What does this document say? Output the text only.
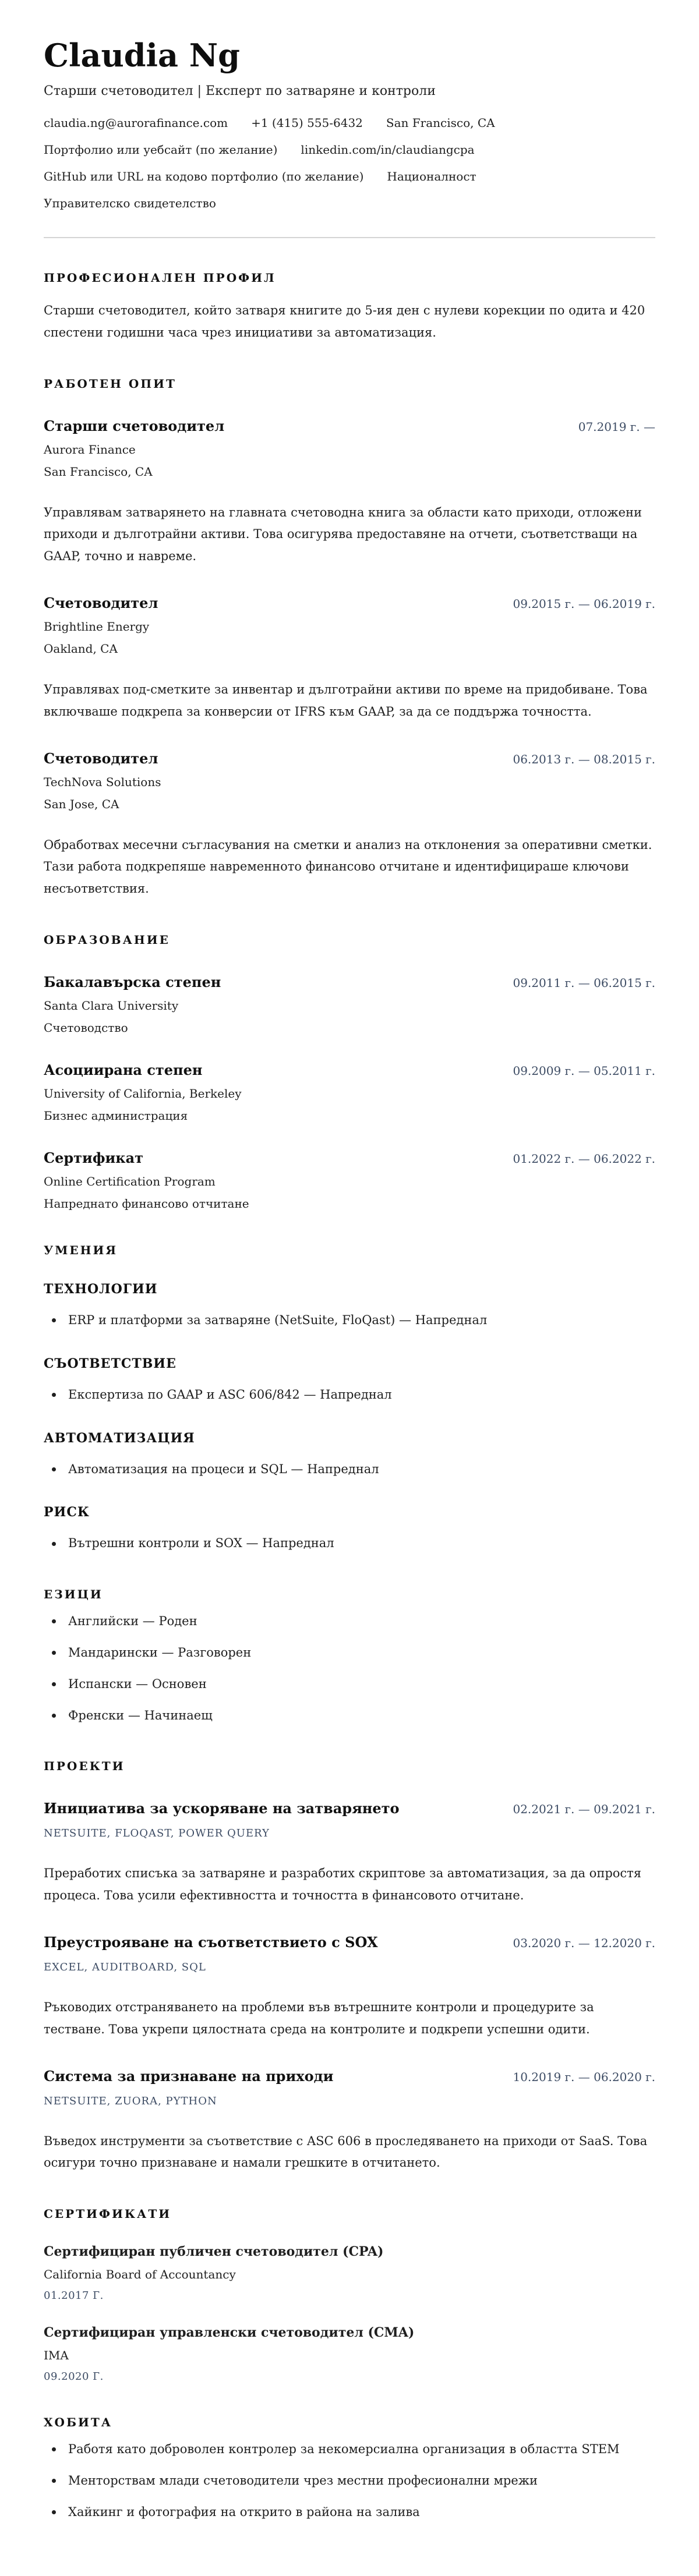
Claudia Ng
Старши счетоводител | Експерт по затваряне и контроли
claudia.ng@aurorafinance.com +1 (415) 555-6432 San Francisco, CA
Портфолио или уебсайт (по желание) linkedin.com/in/claudiangcpa
GitHub или URL на кодово портфолио (по желание) Националност
Управителско свидетелство
ПРОФЕСИОНАЛЕН ПРОФИЛ

Старши счетоводител, който затваря книгите до 5-ия ден с нулеви корекции по одита и 420 спестени годишни часа чрез инициативи за автоматизация.

РАБОТЕН ОПИТ
Старши счетоводител	07.2019 г. —
Aurora Finance
San Francisco, CA

Управлявам затварянето на главната счетоводна книга за области като приходи, отложени приходи и дълготрайни активи. Това осигурява предоставяне на отчети, съответстващи на GAAP, точно и навреме.

Счетоводител	09.2015 г. — 06.2019 г.
Brightline Energy
Oakland, CA

Управлявах под-сметките за инвентар и дълготрайни активи по време на придобиване. Това включваше подкрепа за конверсии от IFRS към GAAP, за да се поддържа точността.

Счетоводител	06.2013 г. — 08.2015 г.
TechNova Solutions
San Jose, CA

Обработвах месечни съгласувания на сметки и анализ на отклонения за оперативни сметки. Тази работа подкрепяше навременното финансово отчитане и идентифицираше ключови несъответствия.

ОБРАЗОВАНИЕ
Бакалавърска степен	09.2011 г. — 06.2015 г.
Santa Clara University
Счетоводство
Асоциирана степен	09.2009 г. — 05.2011 г.
University of California, Berkeley
Бизнес администрация
Сертификат	01.2022 г. — 06.2022 г.
Online Certification Program
Напреднато финансово отчитане
УМЕНИЯ
ТЕХНОЛОГИИ
ERP и платформи за затваряне (NetSuite, FloQast) — Напреднал
СЪОТВЕТСТВИЕ
Експертиза по GAAP и ASC 606/842 — Напреднал
АВТОМАТИЗАЦИЯ
Автоматизация на процеси и SQL — Напреднал
РИСК
Вътрешни контроли и SOX — Напреднал
ЕЗИЦИ
Английски — Роден
Мандарински — Разговорен
Испански — Основен
Френски — Начинаещ
ПРОЕКТИ
Инициатива за ускоряване на затварянето	02.2021 г. — 09.2021 г.
NETSUITE, FLOQAST, POWER QUERY

Преработих списъка за затваряне и разработих скриптове за автоматизация, за да опростя процеса. Това усили ефективността и точността в финансовото отчитане.

Преустрояване на съответствието с SOX	03.2020 г. — 12.2020 г.
EXCEL, AUDITBOARD, SQL

Ръководих отстраняването на проблеми във вътрешните контроли и процедурите за тестване. Това укрепи цялостната среда на контролите и подкрепи успешни одити.

Система за признаване на приходи	10.2019 г. — 06.2020 г.
NETSUITE, ZUORA, PYTHON

Въведох инструменти за съответствие с ASC 606 в проследяването на приходи от SaaS. Това осигури точно признаване и намали грешките в отчитането.

СЕРТИФИКАТИ
Сертифициран публичен счетоводител (CPA)
California Board of Accountancy
01.2017 Г.
Сертифициран управленски счетоводител (CMA)
IMA
09.2020 Г.
ХОБИТА
Работя като доброволен контролер за некомерсиална организация в областта STEM
Менторствам млади счетоводители чрез местни професионални мрежи
Хайкинг и фотография на открито в района на залива
